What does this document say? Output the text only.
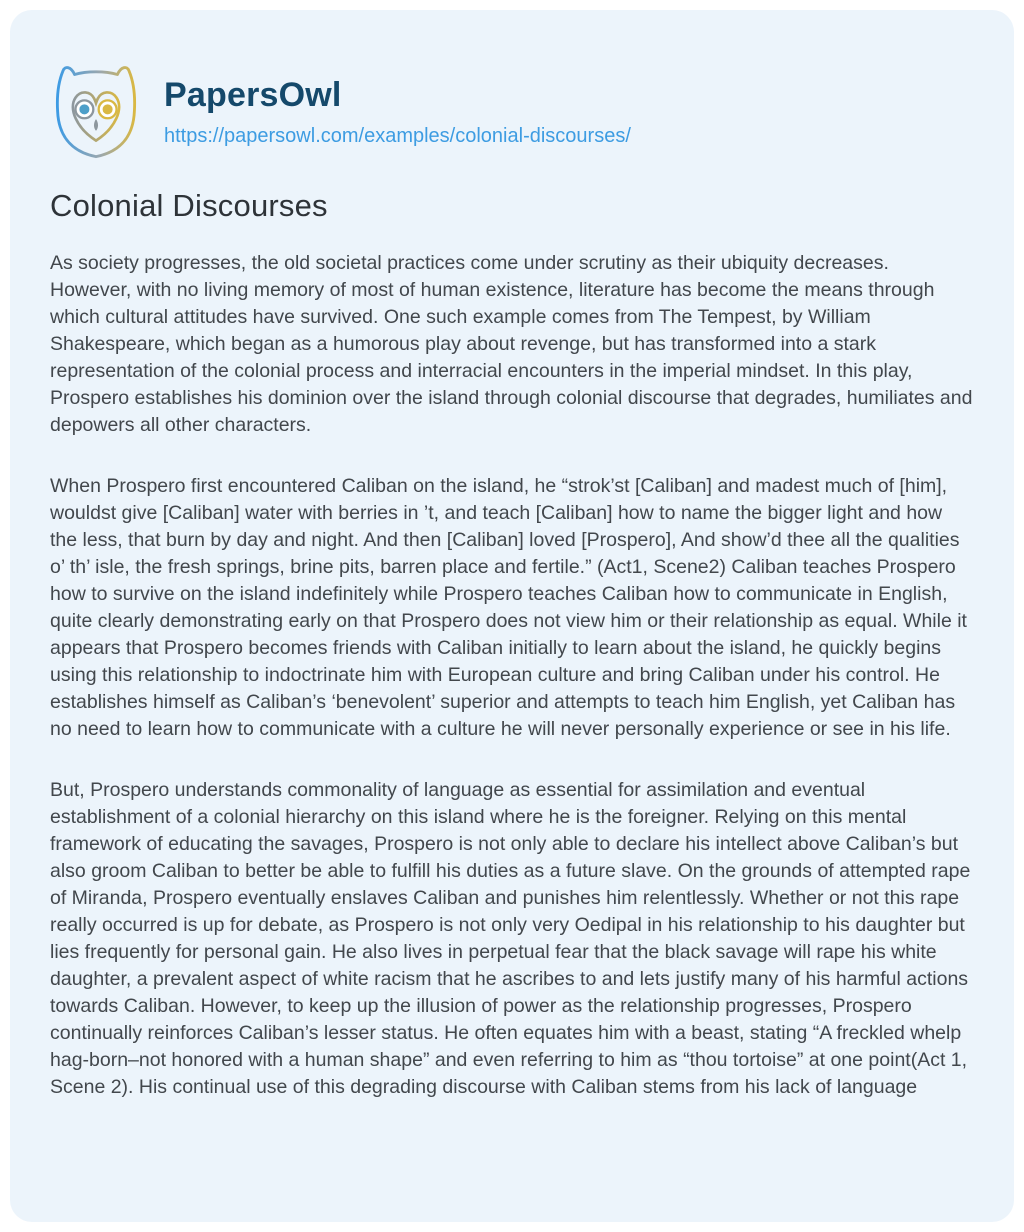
PapersOwl
https://papersowl.com/examples/colonial-discourses/
Colonial Discourses

As society progresses, the old societal practices come under scrutiny as their ubiquity decreases. However, with no living memory of most of human existence, literature has become the means through which cultural attitudes have survived. One such example comes from The Tempest, by William Shakespeare, which began as a humorous play about revenge, but has transformed into a stark representation of the colonial process and interracial encounters in the imperial mindset. In this play, Prospero establishes his dominion over the island through colonial discourse that degrades, humiliates and depowers all other characters.

When Prospero first encountered Caliban on the island, he “strok’st [Caliban] and madest much of [him], wouldst give [Caliban] water with berries in ’t, and teach [Caliban] how to name the bigger light and how the less, that burn by day and night. And then [Caliban] loved [Prospero], And show’d thee all the qualities o’ th’ isle, the fresh springs, brine pits, barren place and fertile.” (Act1, Scene2) Caliban teaches Prospero how to survive on the island indefinitely while Prospero teaches Caliban how to communicate in English, quite clearly demonstrating early on that Prospero does not view him or their relationship as equal. While it appears that Prospero becomes friends with Caliban initially to learn about the island, he quickly begins using this relationship to indoctrinate him with European culture and bring Caliban under his control. He establishes himself as Caliban’s ‘benevolent’ superior and attempts to teach him English, yet Caliban has no need to learn how to communicate with a culture he will never personally experience or see in his life.

But, Prospero understands commonality of language as essential for assimilation and eventual establishment of a colonial hierarchy on this island where he is the foreigner. Relying on this mental framework of educating the savages, Prospero is not only able to declare his intellect above Caliban’s but also groom Caliban to better be able to fulfill his duties as a future slave. On the grounds of attempted rape of Miranda, Prospero eventually enslaves Caliban and punishes him relentlessly. Whether or not this rape really occurred is up for debate, as Prospero is not only very Oedipal in his relationship to his daughter but lies frequently for personal gain. He also lives in perpetual fear that the black savage will rape his white daughter, a prevalent aspect of white racism that he ascribes to and lets justify many of his harmful actions towards Caliban. However, to keep up the illusion of power as the relationship progresses, Prospero continually reinforces Caliban’s lesser status. He often equates him with a beast, stating “A freckled whelp hag-born–not honored with a human shape” and even referring to him as “thou tortoise” at one point(Act 1, Scene 2). His continual use of this degrading discourse with Caliban stems from his lack of language
